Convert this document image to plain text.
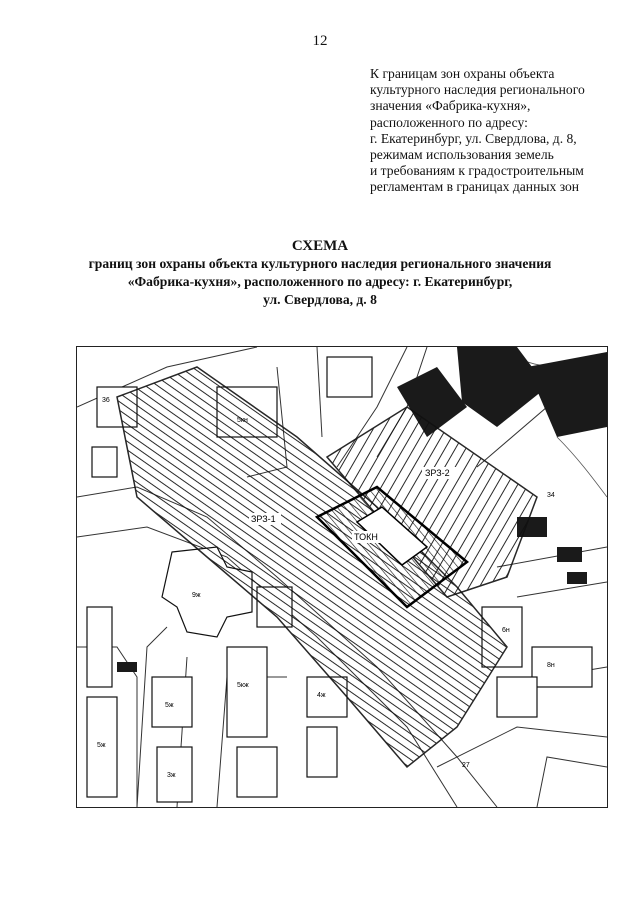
12
К границам зон охраны объекта
культурного наследия регионального
значения «Фабрика-кухня»,
расположенного по адресу:
г. Екатеринбург, ул. Свердлова, д. 8,
режимам использования земель
и требованиям к градостроительным
регламентам в границах данных зон
СХЕМА
границ зон охраны объекта культурного наследия регионального значения
«Фабрика-кухня», расположенного по адресу: г. Екатеринбург,
ул. Свердлова, д. 8
ЗРЗ-2
ЗРЗ-1
ТОКН
9ж
5кж
5ж
5ж
4ж
5кн
8н
3ж
6н
34
36
27
